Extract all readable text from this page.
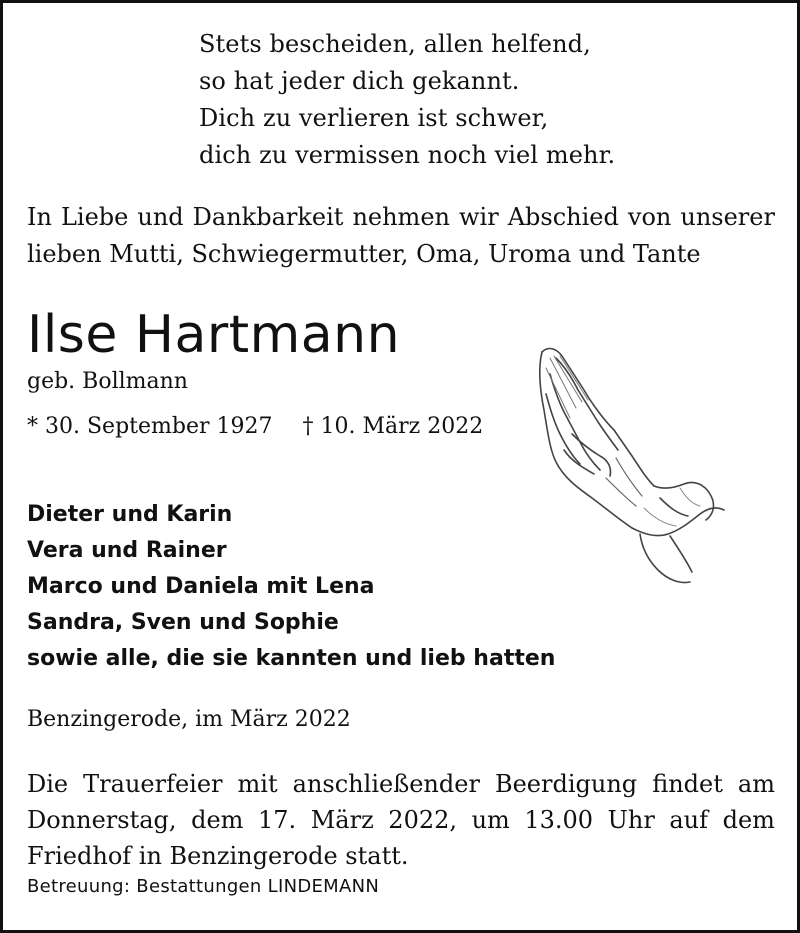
Stets bescheiden, allen helfend,
so hat jeder dich gekannt.
Dich zu verlieren ist schwer,
dich zu vermissen noch viel mehr.
In Liebe und Dankbarkeit nehmen wir Abschied von unserer
lieben Mutti, Schwiegermutter, Oma, Uroma und Tante
Ilse Hartmann
geb. Bollmann
* 30. September 1927 † 10. März 2022
Dieter und Karin
Vera und Rainer
Marco und Daniela mit Lena
Sandra, Sven und Sophie
sowie alle, die sie kannten und lieb hatten
Benzingerode, im März 2022
Die Trauerfeier mit anschließender Beerdigung findet am
Donnerstag, dem 17. März 2022, um 13.00 Uhr auf dem
Friedhof in Benzingerode statt.
Betreuung: Bestattungen LINDEMANN
